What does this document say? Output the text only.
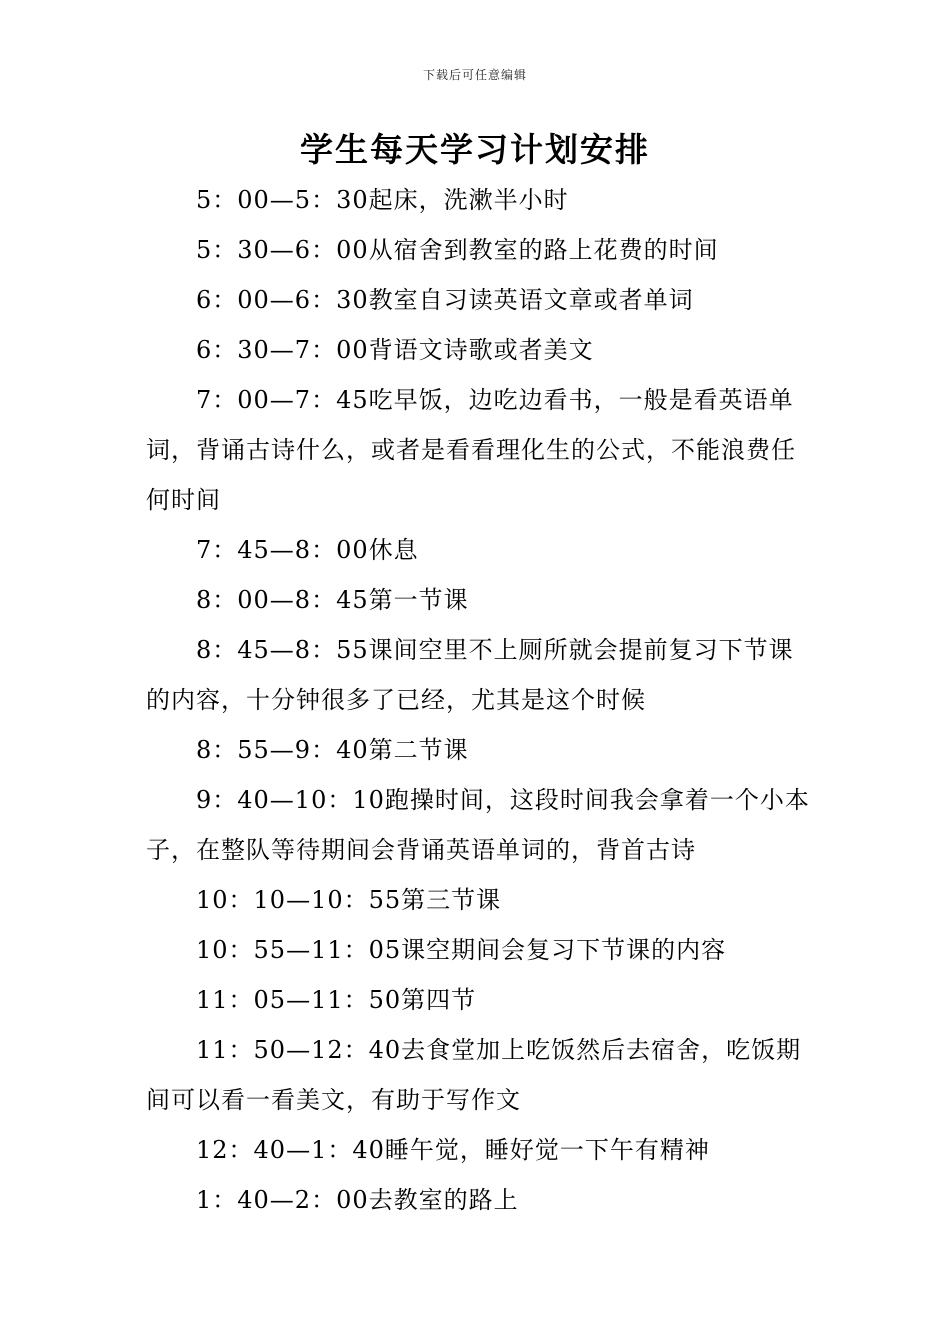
下载后可任意编辑
学生每天学习计划安排

5：00—5：30起床，洗漱半小时

5：30—6：00从宿舍到教室的路上花费的时间

6：00—6：30教室自习读英语文章或者单词

6：30—7：00背语文诗歌或者美文

7：00—7：45吃早饭，边吃边看书，一般是看英语单词，背诵古诗什么，或者是看看理化生的公式，不能浪费任何时间

7：45—8：00休息

8：00—8：45第一节课

8：45—8：55课间空里不上厕所就会提前复习下节课的内容，十分钟很多了已经，尤其是这个时候

8：55—9：40第二节课

9：40—10：10跑操时间，这段时间我会拿着一个小本子，在整队等待期间会背诵英语单词的，背首古诗

10：10—10：55第三节课

10：55—11：05课空期间会复习下节课的内容

11：05—11：50第四节

11：50—12：40去食堂加上吃饭然后去宿舍，吃饭期间可以看一看美文，有助于写作文

12：40—1：40睡午觉，睡好觉一下午有精神

1：40—2：00去教室的路上
